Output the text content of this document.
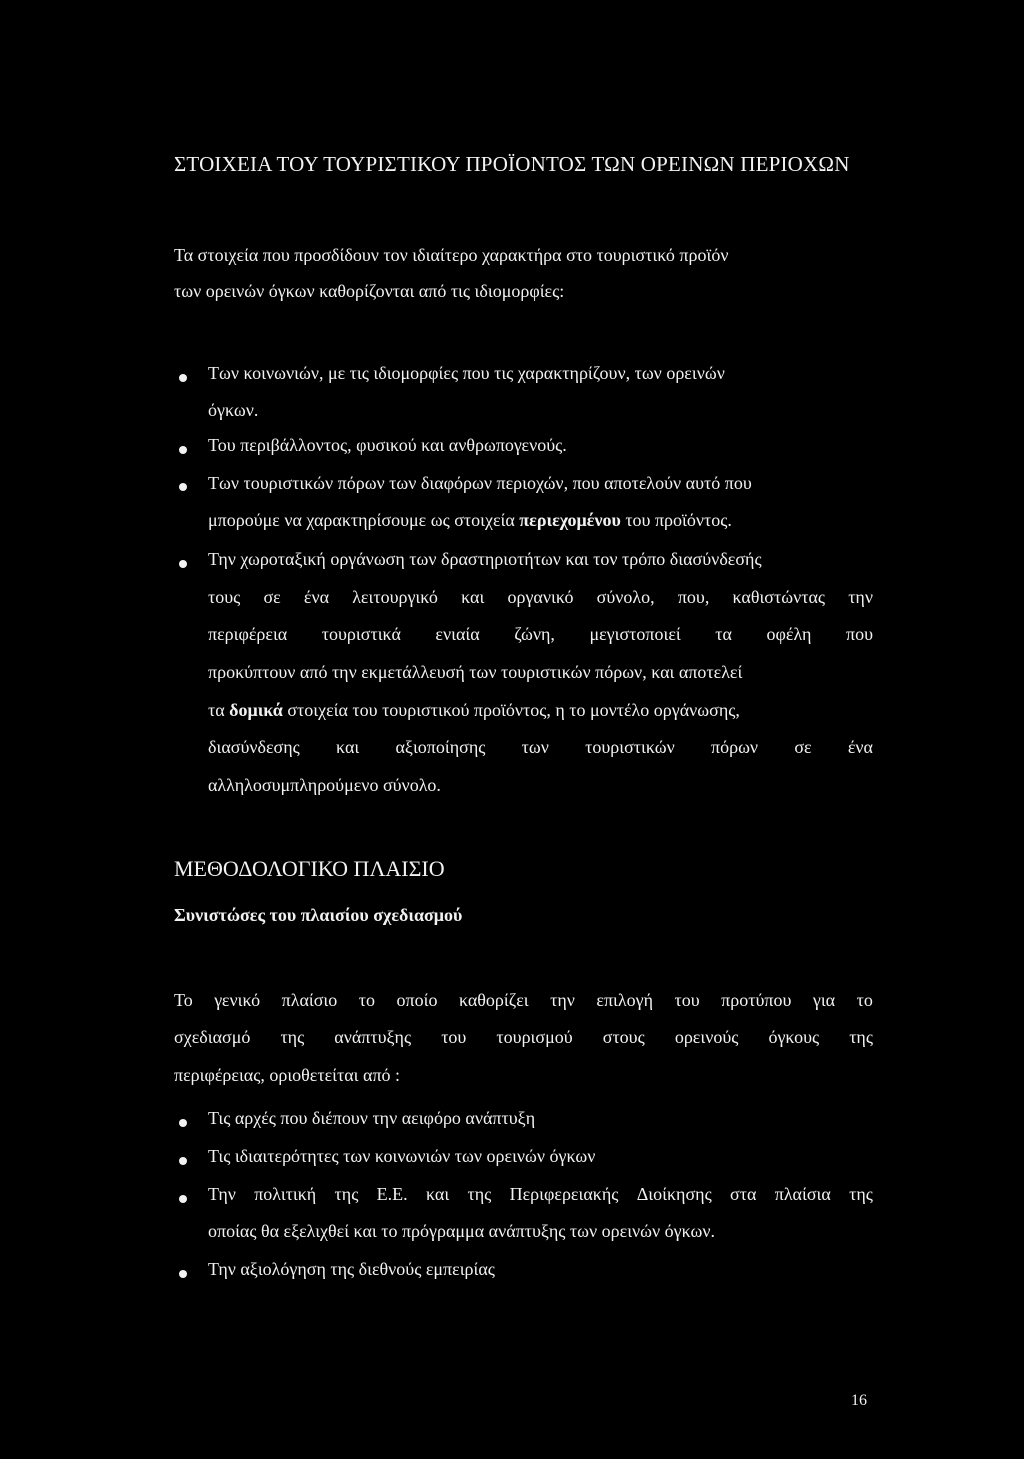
ΣΤΟΙΧΕΙΑ ΤΟΥ ΤΟΥΡΙΣΤΙΚΟΥ ΠΡΟΪΟΝΤΟΣ ΤΩΝ ΟΡΕΙΝΩΝ ΠΕΡΙΟΧΩΝ
Τα στοιχεία που προσδίδουν τον ιδιαίτερο χαρακτήρα στο τουριστικό προϊόν
των ορεινών όγκων καθορίζονται από τις ιδιομορφίες:
Των κοινωνιών, με τις ιδιομορφίες που τις χαρακτηρίζουν, των ορεινών
όγκων.
Του περιβάλλοντος, φυσικού και ανθρωπογενούς.
Των τουριστικών πόρων των διαφόρων περιοχών, που αποτελούν αυτό που
μπορούμε να χαρακτηρίσουμε ως στοιχεία περιεχομένου του προϊόντος.
Την χωροταξική οργάνωση των δραστηριοτήτων και τον τρόπο διασύνδεσής
τους σε ένα λειτουργικό και οργανικό σύνολο, που, καθιστώντας την
περιφέρεια τουριστικά ενιαία ζώνη, μεγιστοποιεί τα οφέλη που
προκύπτουν από την εκμετάλλευσή των τουριστικών πόρων, και αποτελεί
τα δομικά στοιχεία του τουριστικού προϊόντος, η το μοντέλο οργάνωσης,
διασύνδεσης και αξιοποίησης των τουριστικών πόρων σε ένα
αλληλοσυμπληρούμενο σύνολο.
ΜΕΘΟΔΟΛΟΓΙΚΟ ΠΛΑΙΣΙΟ
Συνιστώσες του πλαισίου σχεδιασμού
Το γενικό πλαίσιο το οποίο καθορίζει την επιλογή του προτύπου για το
σχεδιασμό της ανάπτυξης του τουρισμού στους ορεινούς όγκους της
περιφέρειας, οριοθετείται από :
Τις αρχές που διέπουν την αειφόρο ανάπτυξη
Τις ιδιαιτερότητες των κοινωνιών των ορεινών όγκων
Την πολιτική της Ε.Ε. και της Περιφερειακής Διοίκησης στα πλαίσια της
οποίας θα εξελιχθεί και το πρόγραμμα ανάπτυξης των ορεινών όγκων.
Την αξιολόγηση της διεθνούς εμπειρίας
16
